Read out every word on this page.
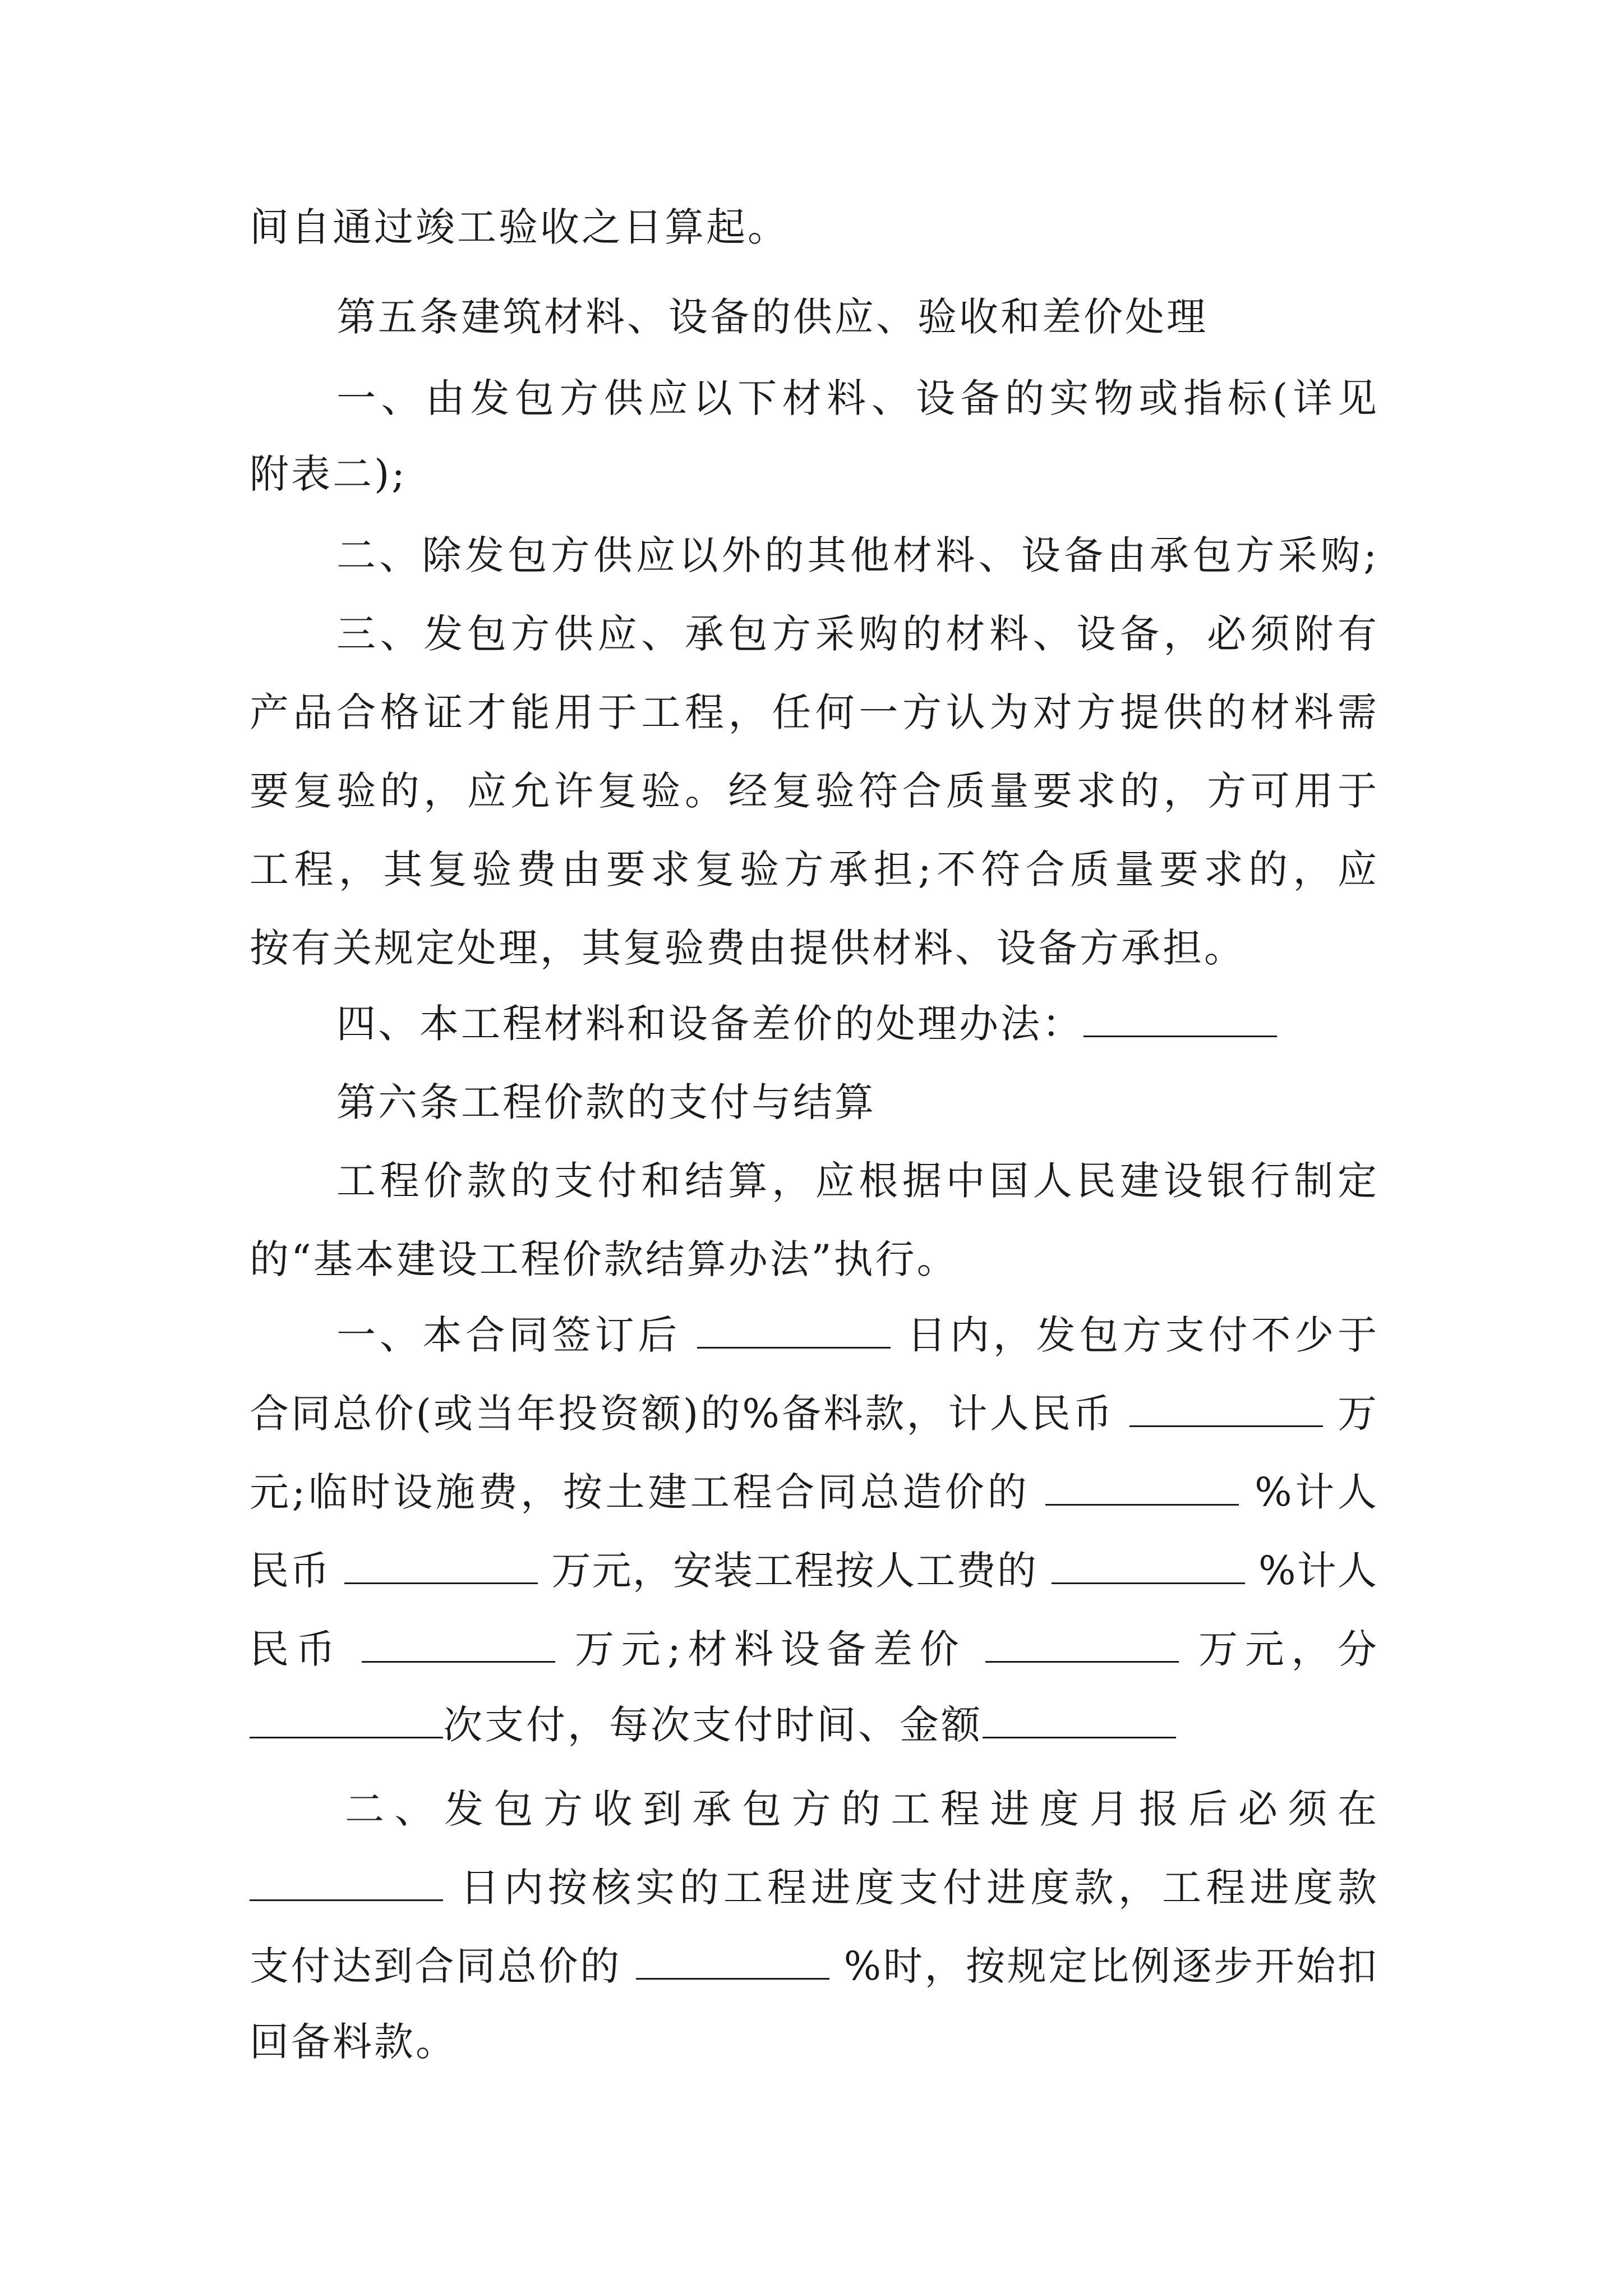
间自通过竣工验收之日算起。
第五条建筑材料、设备的供应、验收和差价处理
一、由发包方供应以下材料、设备的实物或指标(详见
附表二);
二、除发包方供应以外的其他材料、设备由承包方采购;
三、发包方供应、承包方采购的材料、设备，必须附有
产品合格证才能用于工程，任何一方认为对方提供的材料需
要复验的，应允许复验。经复验符合质量要求的，方可用于
工程，其复验费由要求复验方承担;不符合质量要求的，应
按有关规定处理，其复验费由提供材料、设备方承担。
四、本工程材料和设备差价的处理办法：
第六条工程价款的支付与结算
工程价款的支付和结算，应根据中国人民建设银行制定
的“基本建设工程价款结算办法”执行。
一、本合同签订后	日内，发包方支付不少于
合同总价(或当年投资额)的%备料款，计人民币	万
元;临时设施费，按土建工程合同总造价的	%计人
民币	万元，安装工程按人工费的	%计人
民币	万元;材料设备差价	万元，分
次支付，每次支付时间、金额
二、发包方收到承包方的工程进度月报后必须在
日内按核实的工程进度支付进度款，工程进度款
支付达到合同总价的	%时，按规定比例逐步开始扣
回备料款。
